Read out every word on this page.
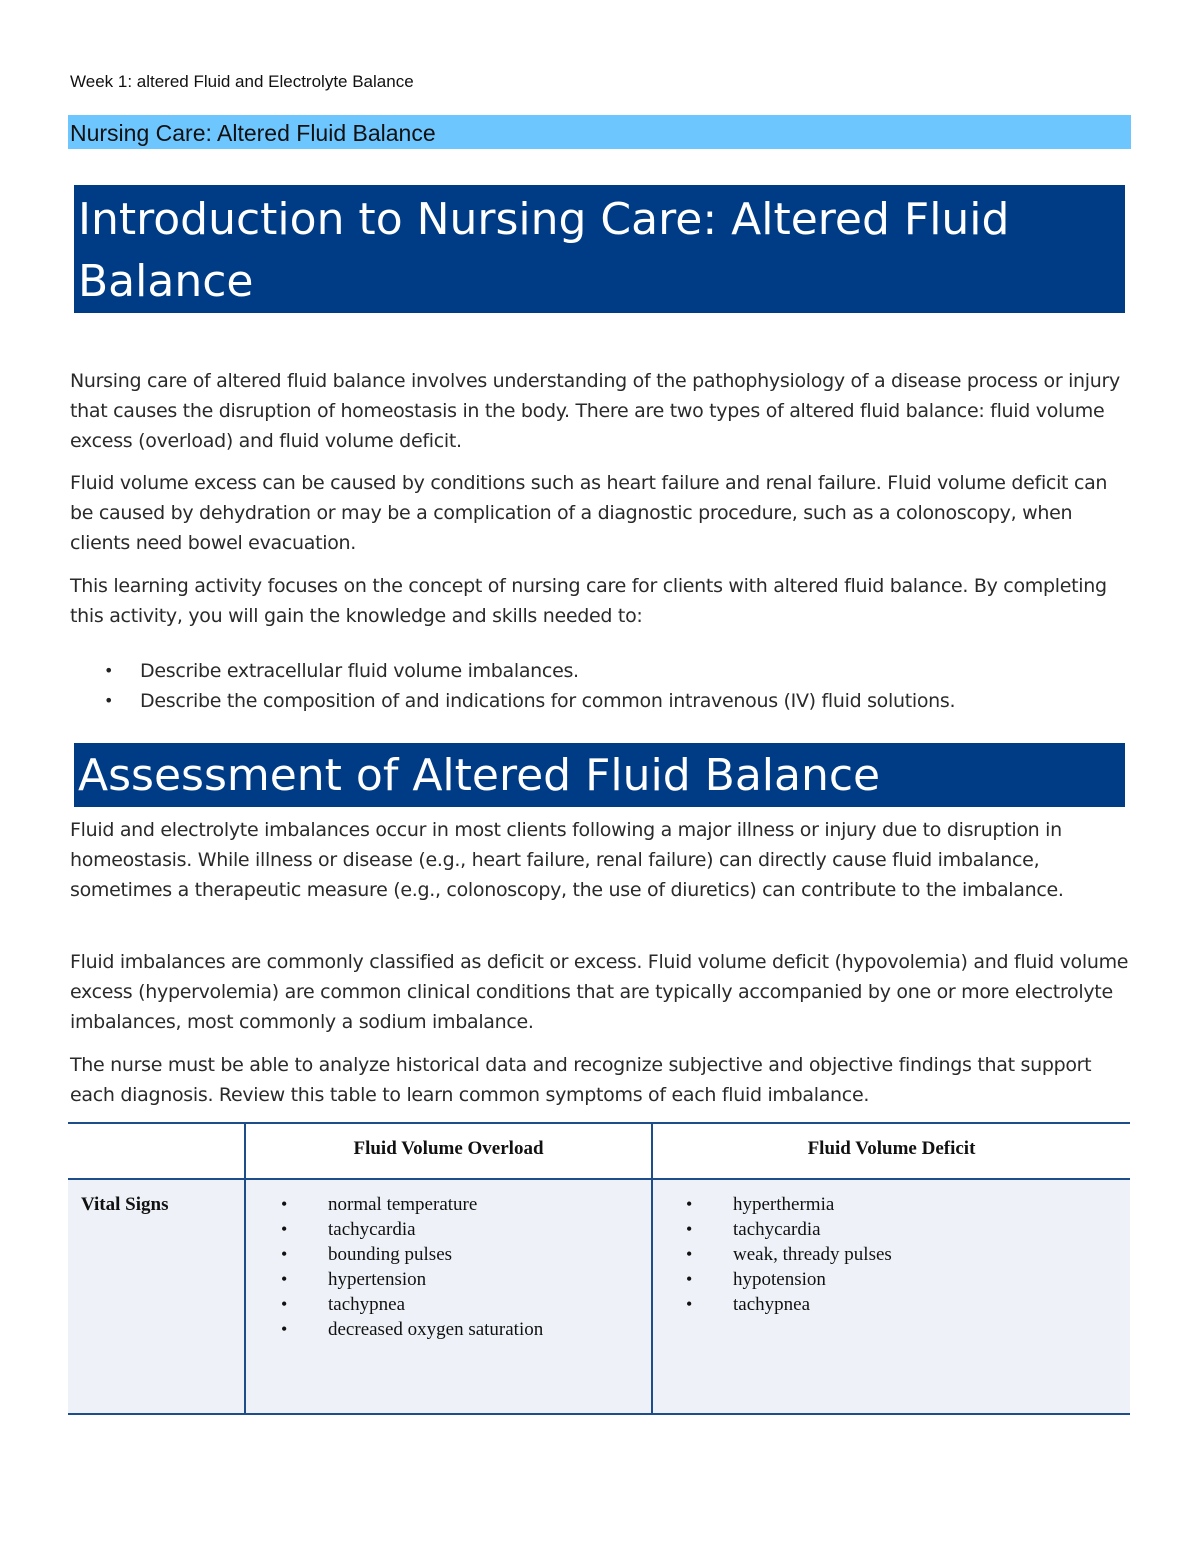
Week 1: altered Fluid and Electrolyte Balance
Nursing Care: Altered Fluid Balance
Introduction to Nursing Care: Altered Fluid
Balance

Nursing care of altered fluid balance involves understanding of the pathophysiology of a disease process or injury that causes the disruption of homeostasis in the body. There are two types of altered fluid balance: fluid volume excess (overload) and fluid volume deficit.

Fluid volume excess can be caused by conditions such as heart failure and renal failure. Fluid volume deficit can be caused by dehydration or may be a complication of a diagnostic procedure, such as a colonoscopy, when clients need bowel evacuation.

This learning activity focuses on the concept of nursing care for clients with altered fluid balance. By completing this activity, you will gain the knowledge and skills needed to:

• Describe extracellular fluid volume imbalances.
• Describe the composition of and indications for common intravenous (IV) fluid solutions.
Assessment of Altered Fluid Balance

Fluid and electrolyte imbalances occur in most clients following a major illness or injury due to disruption in homeostasis. While illness or disease (e.g., heart failure, renal failure) can directly cause fluid imbalance, sometimes a therapeutic measure (e.g., colonoscopy, the use of diuretics) can contribute to the imbalance.

Fluid imbalances are commonly classified as deficit or excess. Fluid volume deficit (hypovolemia) and fluid volume excess (hypervolemia) are common clinical conditions that are typically accompanied by one or more electrolyte imbalances, most commonly a sodium imbalance.

The nurse must be able to analyze historical data and recognize subjective and objective findings that support each diagnosis. Review this table to learn common symptoms of each fluid imbalance.

Fluid Volume Overload	Fluid Volume Deficit
Vital Signs
•	normal temperature
• tachycardia
• bounding pulses
• hypertension
• tachypnea
• decreased oxygen saturation
• hyperthermia
• tachycardia
• weak, thready pulses
• hypotension
• tachypnea
